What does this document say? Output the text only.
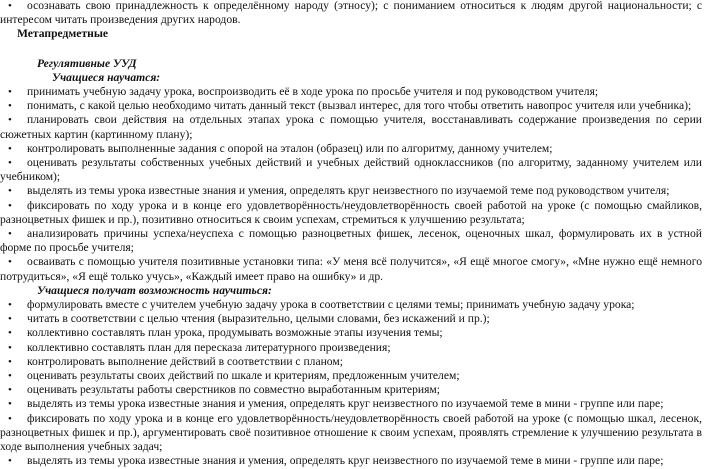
• осознавать свою принадлежность к определённому народу (этносу); с пониманием относиться к людям другой национальности; с интересом читать произведения других народов.

Метапредметные

Регулятивные УУД

Учащиеся научатся:

• принимать учебную задачу урока, воспроизводить её в ходе урока по просьбе учителя и под руководством учителя;

• понимать, с какой целью необходимо читать данный текст (вызвал интерес, для того чтобы ответить навопрос учителя или учебника);

• планировать свои действия на отдельных этапах урока с помощью учителя, восстанавливать содержание произведения по серии сюжетных картин (картинному плану);

• контролировать выполненные задания с опорой на эталон (образец) или по алгоритму, данному учителем;

• оценивать результаты собственных учебных действий и учебных действий одноклассников (по алгоритму, заданному учителем или учебником);

• выделять из темы урока известные знания и умения, определять круг неизвестного по изучаемой теме под руководством учителя;

• фиксировать по ходу урока и в конце его удовлетворённость/неудовлетворённость своей работой на уроке (с помощью смайликов, разноцветных фишек и пр.), позитивно относиться к своим успехам, стремиться к улучшению результата;

• анализировать причины успеха/неуспеха с помощью разноцветных фишек, лесенок, оценочных шкал, формулировать их в устной форме по просьбе учителя;

• осваивать с помощью учителя позитивные установки типа: «У меня всё получится», «Я ещё многое смогу», «Мне нужно ещё немного потрудиться», «Я ещё только учусь», «Каждый имеет право на ошибку» и др.

Учащиеся получат возможность научиться:

• формулировать вместе с учителем учебную задачу урока в соответствии с целями темы; принимать учебную задачу урока;

• читать в соответствии с целью чтения (выразительно, целыми словами, без искажений и пр.);

• коллективно составлять план урока, продумывать возможные этапы изучения темы;

• коллективно составлять план для пересказа литературного произведения;

• контролировать выполнение действий в соответствии с планом;

• оценивать результаты своих действий по шкале и критериям, предложенным учителем;

• оценивать результаты работы сверстников по совместно выработанным критериям;

• выделять из темы урока известные знания и умения, определять круг неизвестного по изучаемой теме в мини - группе или паре;

• фиксировать по ходу урока и в конце его удовлетворённость/неудовлетворённость своей работой на уроке (с помощью шкал, лесенок, разноцветных фишек и пр.), аргументировать своё позитивное отношение к своим успехам, проявлять стремление к улучшению результата в ходе выполнения учебных задач;

• выделять из темы урока известные знания и умения, определять круг неизвестного по изучаемой теме в мини - группе или паре;
